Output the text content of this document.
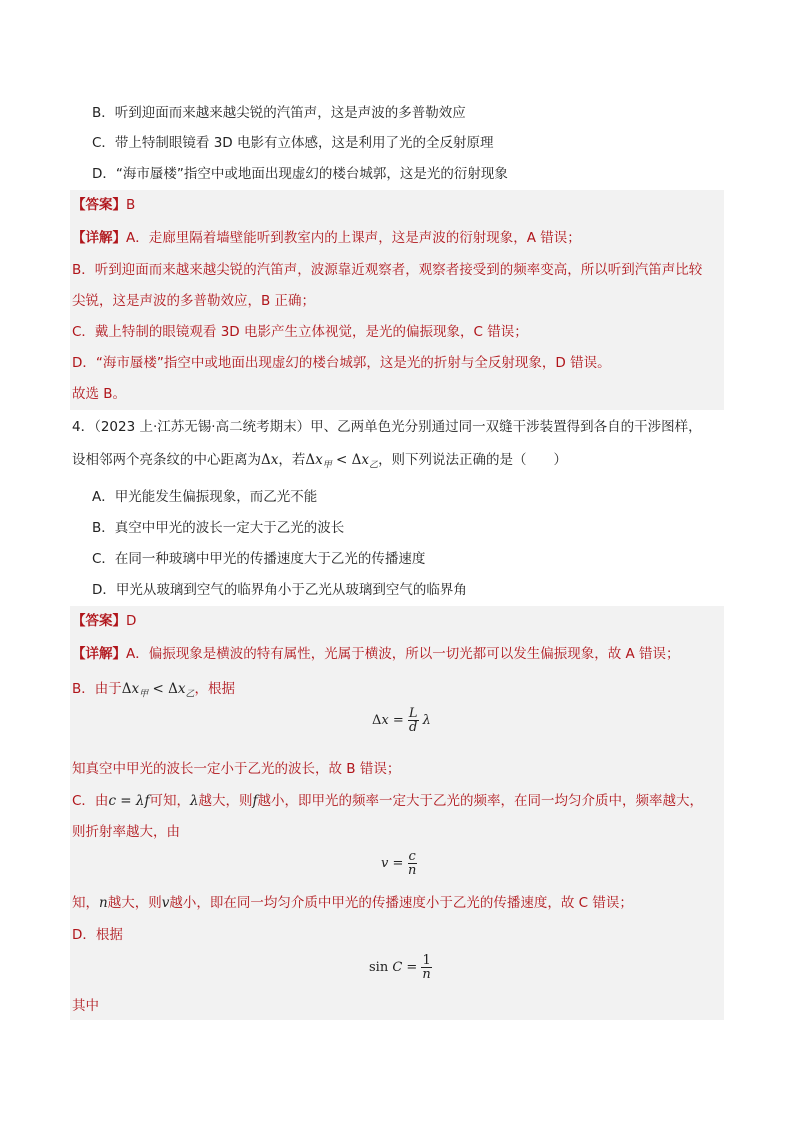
B．听到迎面而来越来越尖锐的汽笛声，这是声波的多普勒效应
C．带上特制眼镜看 3D 电影有立体感，这是利用了光的全反射原理
D．“海市蜃楼”指空中或地面出现虚幻的楼台城郭，这是光的衍射现象
【答案】B
【详解】A．走廊里隔着墙壁能听到教室内的上课声，这是声波的衍射现象，A 错误；
B．听到迎面而来越来越尖锐的汽笛声，波源靠近观察者，观察者接受到的频率变高，所以听到汽笛声比较
尖锐，这是声波的多普勒效应，B 正确；
C．戴上特制的眼镜观看 3D 电影产生立体视觉，是光的偏振现象，C 错误；
D．“海市蜃楼”指空中或地面出现虚幻的楼台城郭，这是光的折射与全反射现象，D 错误。
故选 B。
4．（2023 上·江苏无锡·高二统考期末）甲、乙两单色光分别通过同一双缝干涉装置得到各自的干涉图样，
设相邻两个亮条纹的中心距离为Δx，若$\Delta x_甲 < \Delta x_乙$，则下列说法正确的是（　　）
A．甲光能发生偏振现象，而乙光不能
B．真空中甲光的波长一定大于乙光的波长
C．在同一种玻璃中甲光的传播速度大于乙光的传播速度
D．甲光从玻璃到空气的临界角小于乙光从玻璃到空气的临界角
【答案】D
【详解】A．偏振现象是横波的特有属性，光属于横波，所以一切光都可以发生偏振现象，故 A 错误；
B．由于$\Delta x_甲 < \Delta x_乙$，根据
$\Delta x = \frac{L}{d}$ λ
知真空中甲光的波长一定小于乙光的波长，故 B 错误；
C．由c = λf可知，λ越大，则f越小，即甲光的频率一定大于乙光的频率，在同一均匀介质中，频率越大，
则折射率越大，由
$v = \frac{c}{n}$
知，n越大，则v越小，即在同一均匀介质中甲光的传播速度小于乙光的传播速度，故 C 错误；
D．根据
$\sin C = \frac{1}{n}$
其中
